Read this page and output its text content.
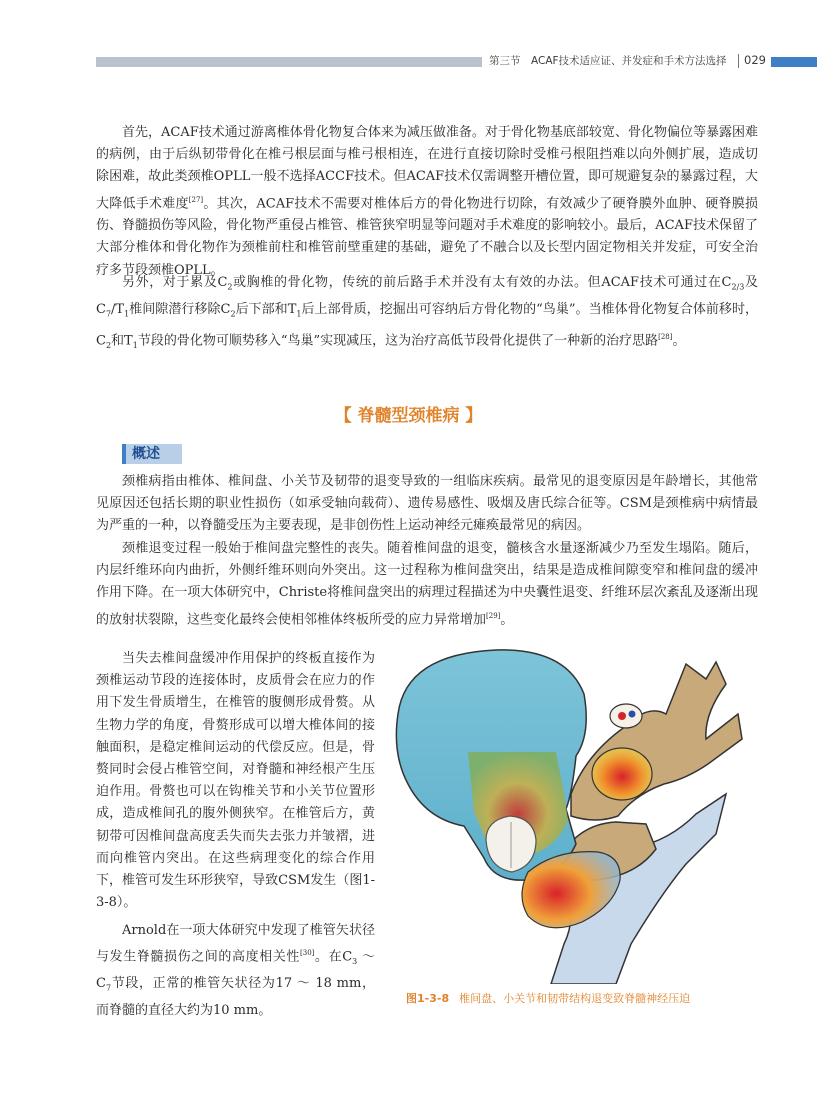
第三节　ACAF技术适应证、并发症和手术方法选择 029

首先，ACAF技术通过游离椎体骨化物复合体来为减压做准备。对于骨化物基底部较宽、骨化物偏位等暴露困难的病例，由于后纵韧带骨化在椎弓根层面与椎弓根相连，在进行直接切除时受椎弓根阻挡难以向外侧扩展，造成切除困难，故此类颈椎OPLL一般不选择ACCF技术。但ACAF技术仅需调整开槽位置，即可规避复杂的暴露过程，大大降低手术难度[27]。其次，ACAF技术不需要对椎体后方的骨化物进行切除，有效减少了硬脊膜外血肿、硬脊膜损伤、脊髓损伤等风险，骨化物严重侵占椎管、椎管狭窄明显等问题对手术难度的影响较小。最后，ACAF技术保留了大部分椎体和骨化物作为颈椎前柱和椎管前壁重建的基础，避免了不融合以及长型内固定物相关并发症，可安全治疗多节段颈椎OPLL。

另外，对于累及$C_2$或胸椎的骨化物，传统的前后路手术并没有太有效的办法。但ACAF技术可通过在$C_{2/3}$及$C_7/T_1$椎间隙潜行移除$C_2$后下部和$T_1$后上部骨质，挖掘出可容纳后方骨化物的“鸟巢”。当椎体骨化物复合体前移时，$C_2$和$T_1$节段的骨化物可顺势移入“鸟巢”实现减压，这为治疗高低节段骨化提供了一种新的治疗思路[28]。

【 脊髓型颈椎病 】
概述

颈椎病指由椎体、椎间盘、小关节及韧带的退变导致的一组临床疾病。最常见的退变原因是年龄增长，其他常见原因还包括长期的职业性损伤（如承受轴向载荷）、遗传易感性、吸烟及唐氏综合征等。CSM是颈椎病中病情最为严重的一种，以脊髓受压为主要表现，是非创伤性上运动神经元瘫痪最常见的病因。

颈椎退变过程一般始于椎间盘完整性的丧失。随着椎间盘的退变，髓核含水量逐渐减少乃至发生塌陷。随后，内层纤维环向内曲折，外侧纤维环则向外突出。这一过程称为椎间盘突出，结果是造成椎间隙变窄和椎间盘的缓冲作用下降。在一项大体研究中，Christe将椎间盘突出的病理过程描述为中央囊性退变、纤维环层次紊乱及逐渐出现的放射状裂隙，这些变化最终会使相邻椎体终板所受的应力异常增加[29]。

当失去椎间盘缓冲作用保护的终板直接作为颈椎运动节段的连接体时，皮质骨会在应力的作用下发生骨质增生，在椎管的腹侧形成骨赘。从生物力学的角度，骨赘形成可以增大椎体间的接触面积，是稳定椎间运动的代偿反应。但是，骨赘同时会侵占椎管空间，对脊髓和神经根产生压迫作用。骨赘也可以在钩椎关节和小关节位置形成，造成椎间孔的腹外侧狭窄。在椎管后方，黄韧带可因椎间盘高度丢失而失去张力并皱褶，进而向椎管内突出。在这些病理变化的综合作用下，椎管可发生环形狭窄，导致CSM发生（图1-3-8）。

Arnold在一项大体研究中发现了椎管矢状径与发生脊髓损伤之间的高度相关性[30]。在$C_3$ ～ $C_7$节段，正常的椎管矢状径为17 ～ 18 mm，而脊髓的直径大约为10 mm。

图1-3-8 椎间盘、小关节和韧带结构退变致脊髓神经压迫
